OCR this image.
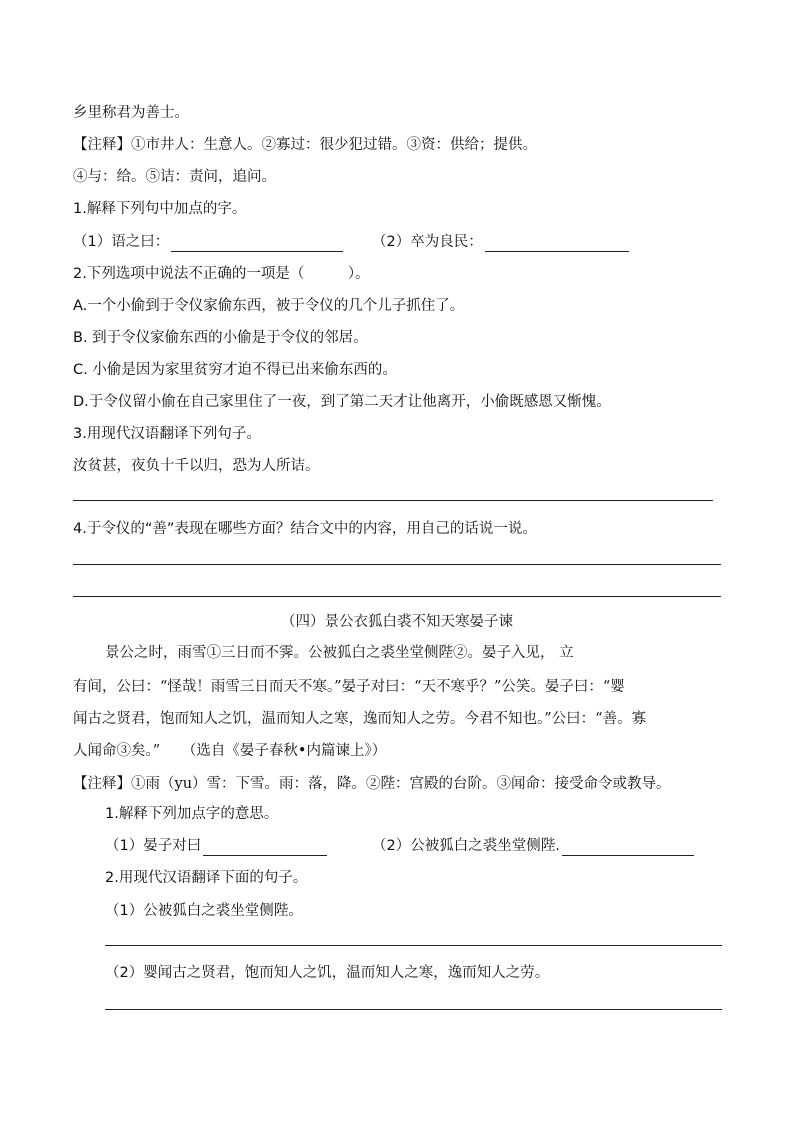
乡里称君为善士。
【注释】①市井人：生意人。②寡过：很少犯过错。③资：供给；提供。
④与：给。⑤诘：责问，追问。
1.解释下列句中加点的字。
（1）语之曰：	（2）卒为良民：
2.下列选项中说法不正确的一项是（　　　）。
A.一个小偷到于令仪家偷东西，被于令仪的几个儿子抓住了。
B. 到于令仪家偷东西的小偷是于令仪的邻居。
C. 小偷是因为家里贫穷才迫不得已出来偷东西的。
D.于令仪留小偷在自己家里住了一夜，到了第二天才让他离开，小偷既感恩又惭愧。
3.用现代汉语翻译下列句子。
汝贫甚，夜负十千以归，恐为人所诘。
4.于令仪的“善”表现在哪些方面？结合文中的内容，用自己的话说一说。
（四）景公衣狐白裘不知天寒晏子谏
景公之时，雨雪①三日而不霁。公被狐白之裘坐堂侧陛②。晏子入见， 立
有间，公曰：“怪哉！雨雪三日而天不寒。”晏子对曰：“天不寒乎？”公笑。晏子曰：“婴
闻古之贤君，饱而知人之饥，温而知人之寒，逸而知人之劳。今君不知也。”公曰：“善。寡
人闻命③矣。”　　（选自《晏子春秋•内篇谏上》）
【注释】①雨（yu）雪：下雪。雨：落，降。②陛：宫殿的台阶。③闻命：接受命令或教导。
1.解释下列加点字的意思。
（1）晏子对曰	（2）公被狐白之裘坐堂侧陛.
2.用现代汉语翻译下面的句子。
（1）公被狐白之裘坐堂侧陛。
（2）婴闻古之贤君，饱而知人之饥，温而知人之寒，逸而知人之劳。
